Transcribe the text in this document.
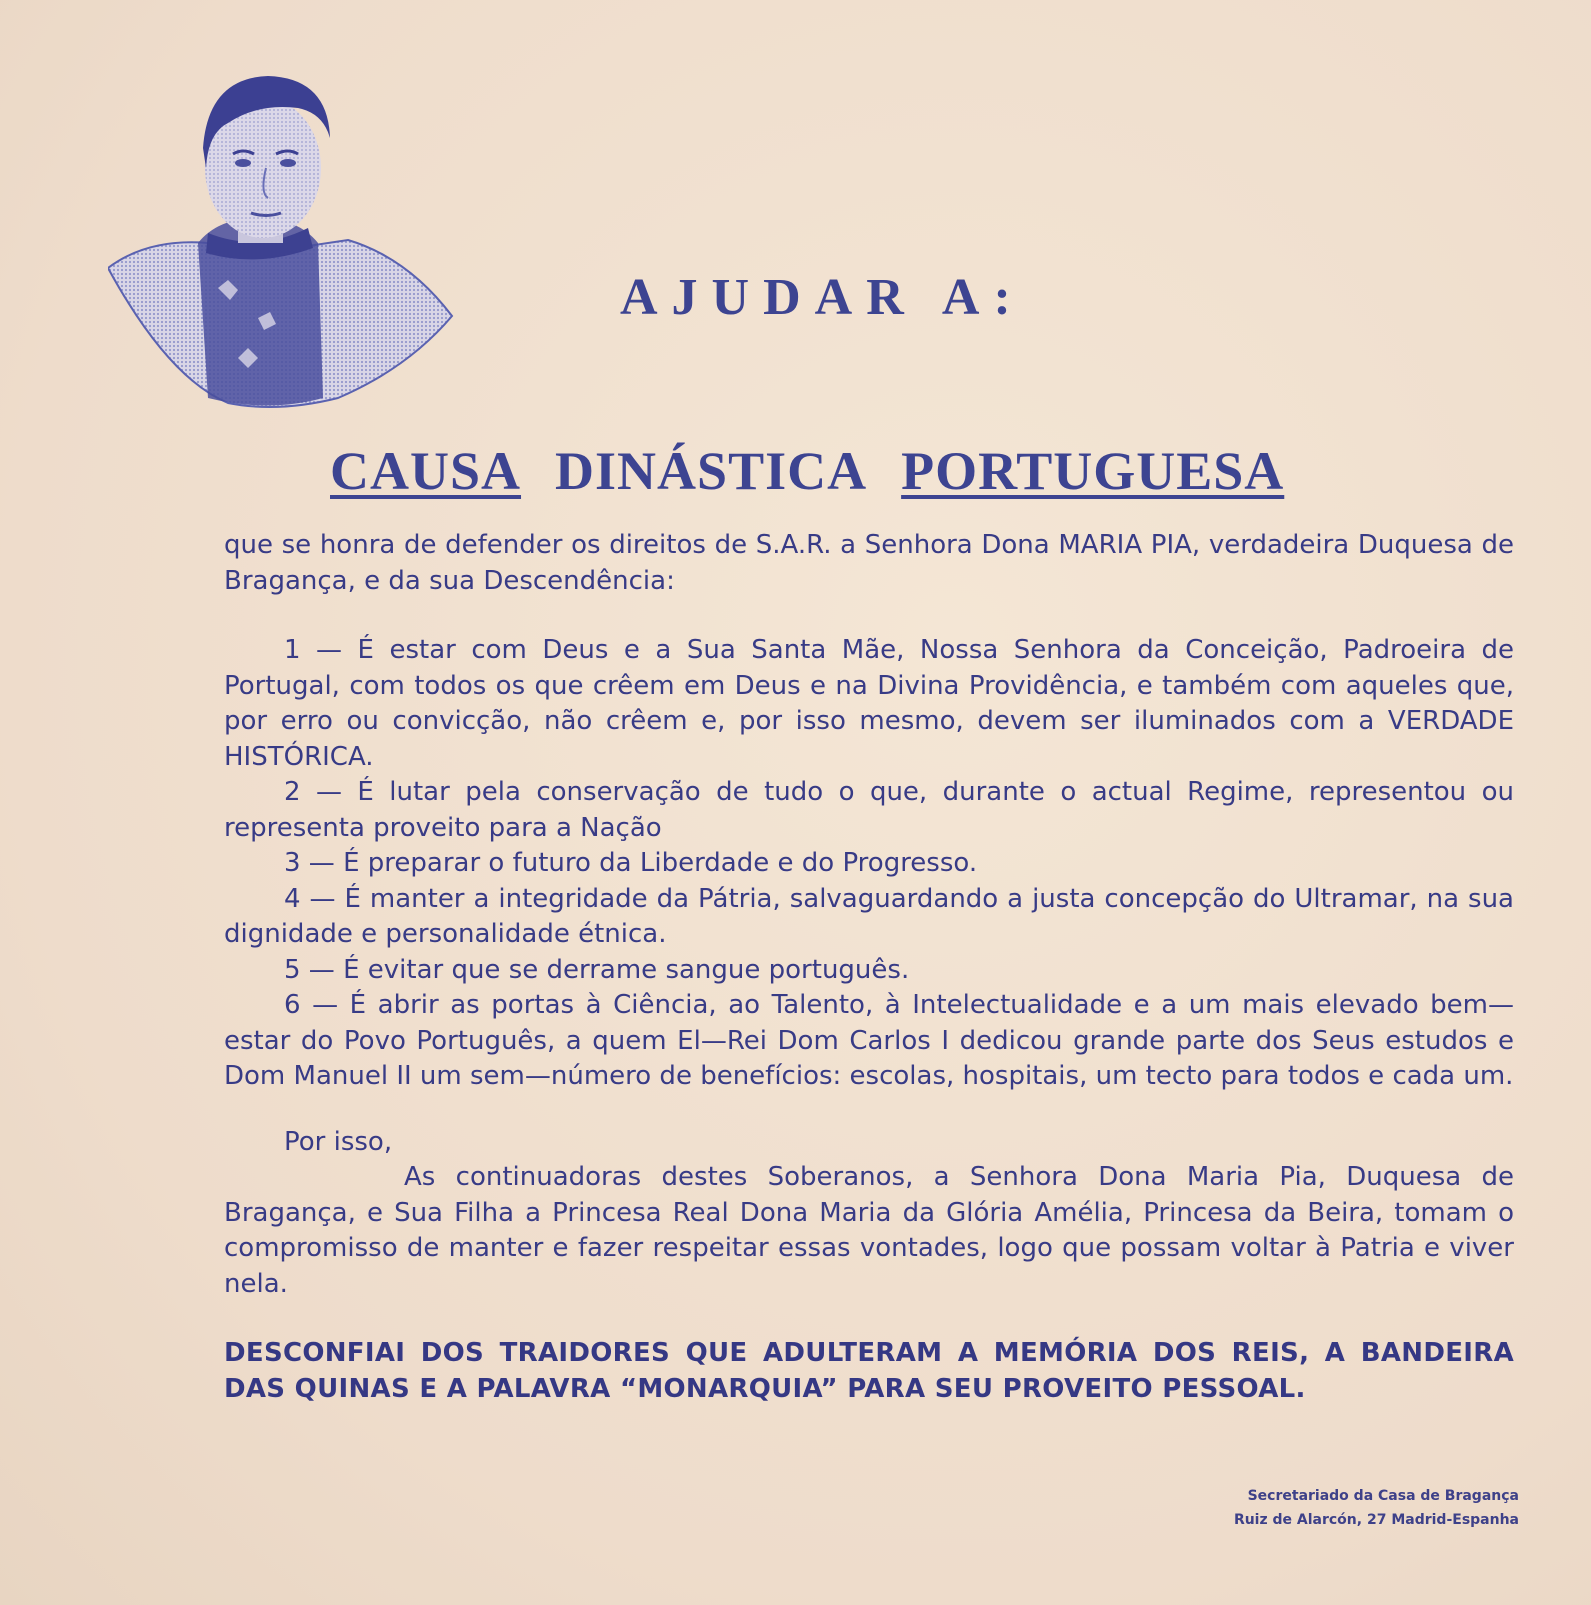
AJUDAR A:
CAUSA DINÁSTICA PORTUGUESA

que se honra de defender os direitos de S.A.R. a Senhora Dona MARIA PIA, verdadeira Duquesa de Bragança, e da sua Descendência:

1 — É estar com Deus e a Sua Santa Mãe, Nossa Senhora da Conceição, Padroeira de Portugal, com todos os que crêem em Deus e na Divina Providência, e também com aqueles que, por erro ou convicção, não crêem e, por isso mesmo, devem ser iluminados com a VERDADE HISTÓRICA.

2 — É lutar pela conservação de tudo o que, durante o actual Regime, representou ou representa proveito para a Nação

3 — É preparar o futuro da Liberdade e do Progresso.

4 — É manter a integridade da Pátria, salvaguardando a justa concepção do Ultramar, na sua dignidade e personalidade étnica.

5 — É evitar que se derrame sangue português.

6 — É abrir as portas à Ciência, ao Talento, à Intelectualidade e a um mais elevado bem—estar do Povo Português, a quem El—Rei Dom Carlos I dedicou grande parte dos Seus estudos e Dom Manuel II um sem—número de benefícios: escolas, hospitais, um tecto para todos e cada um.

Por isso,

As continuadoras destes Soberanos, a Senhora Dona Maria Pia, Duquesa de Bragança, e Sua Filha a Princesa Real Dona Maria da Glória Amélia, Princesa da Beira, tomam o compromisso de manter e fazer respeitar essas vontades, logo que possam voltar à Patria e viver nela.

DESCONFIAI DOS TRAIDORES QUE ADULTERAM A MEMÓRIA DOS REIS, A BANDEIRA DAS QUINAS E A PALAVRA “MONARQUIA” PARA SEU PROVEITO PESSOAL.

Secretariado da Casa de Bragança
Ruiz de Alarcón, 27 Madrid-Espanha
